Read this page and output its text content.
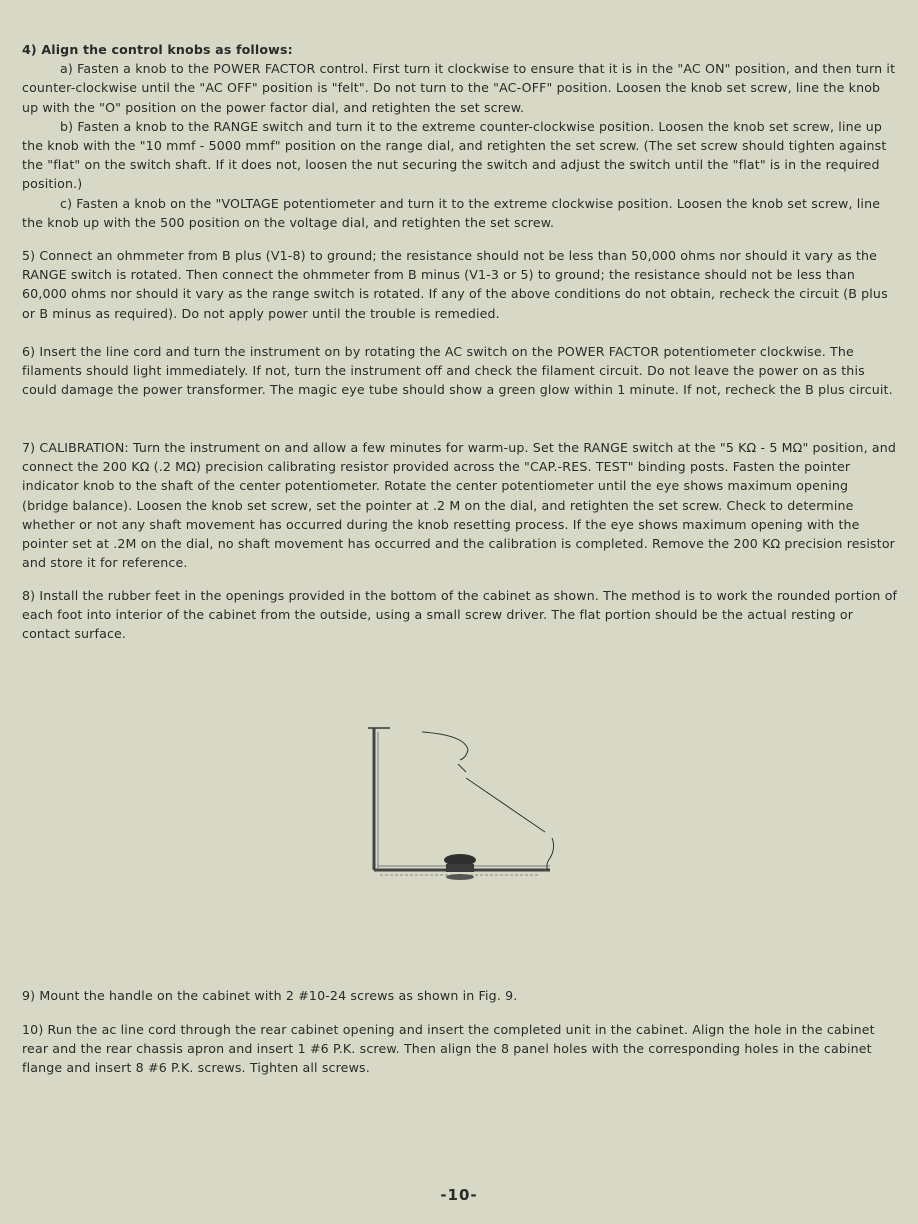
4) Align the control knobs as follows:

a) Fasten a knob to the POWER FACTOR control. First turn it clockwise to ensure that it is in the "AC ON" position, and then turn it counter-clockwise until the "AC OFF" position is "felt". Do not turn to the "AC-OFF" position. Loosen the knob set screw, line the knob up with the "O" position on the power factor dial, and retighten the set screw.

b) Fasten a knob to the RANGE switch and turn it to the extreme counter-clockwise position. Loosen the knob set screw, line up the knob with the "10 mmf - 5000 mmf" position on the range dial, and retighten the set screw. (The set screw should tighten against the "flat" on the switch shaft. If it does not, loosen the nut securing the switch and adjust the switch until the "flat" is in the required position.)

c) Fasten a knob on the "VOLTAGE potentiometer and turn it to the extreme clockwise position. Loosen the knob set screw, line the knob up with the 500 position on the voltage dial, and retighten the set screw.

5) Connect an ohmmeter from B plus (V1-8) to ground; the resistance should not be less than 50,000 ohms nor should it vary as the RANGE switch is rotated. Then connect the ohmmeter from B minus (V1-3 or 5) to ground; the resistance should not be less than 60,000 ohms nor should it vary as the range switch is rotated. If any of the above conditions do not obtain, recheck the circuit (B plus or B minus as required). Do not apply power until the trouble is remedied.

6) Insert the line cord and turn the instrument on by rotating the AC switch on the POWER FACTOR potentiometer clockwise. The filaments should light immediately. If not, turn the instrument off and check the filament circuit. Do not leave the power on as this could damage the power transformer. The magic eye tube should show a green glow within 1 minute. If not, recheck the B plus circuit.

7) CALIBRATION: Turn the instrument on and allow a few minutes for warm-up. Set the RANGE switch at the "5 KΩ - 5 MΩ" position, and connect the 200 KΩ (.2 MΩ) precision calibrating resistor provided across the "CAP.-RES. TEST" binding posts. Fasten the pointer indicator knob to the shaft of the center potentiometer. Rotate the center potentiometer until the eye shows maximum opening (bridge balance). Loosen the knob set screw, set the pointer at .2 M on the dial, and retighten the set screw. Check to determine whether or not any shaft movement has occurred during the knob resetting process. If the eye shows maximum opening with the pointer set at .2M on the dial, no shaft movement has occurred and the calibration is completed. Remove the 200 KΩ precision resistor and store it for reference.

8) Install the rubber feet in the openings provided in the bottom of the cabinet as shown. The method is to work the rounded portion of each foot into interior of the cabinet from the outside, using a small screw driver. The flat portion should be the actual resting or contact surface.

9) Mount the handle on the cabinet with 2 #10-24 screws as shown in Fig. 9.

10) Run the ac line cord through the rear cabinet opening and insert the completed unit in the cabinet. Align the hole in the cabinet rear and the rear chassis apron and insert 1 #6 P.K. screw. Then align the 8 panel holes with the corresponding holes in the cabinet flange and insert 8 #6 P.K. screws. Tighten all screws.

-10-
